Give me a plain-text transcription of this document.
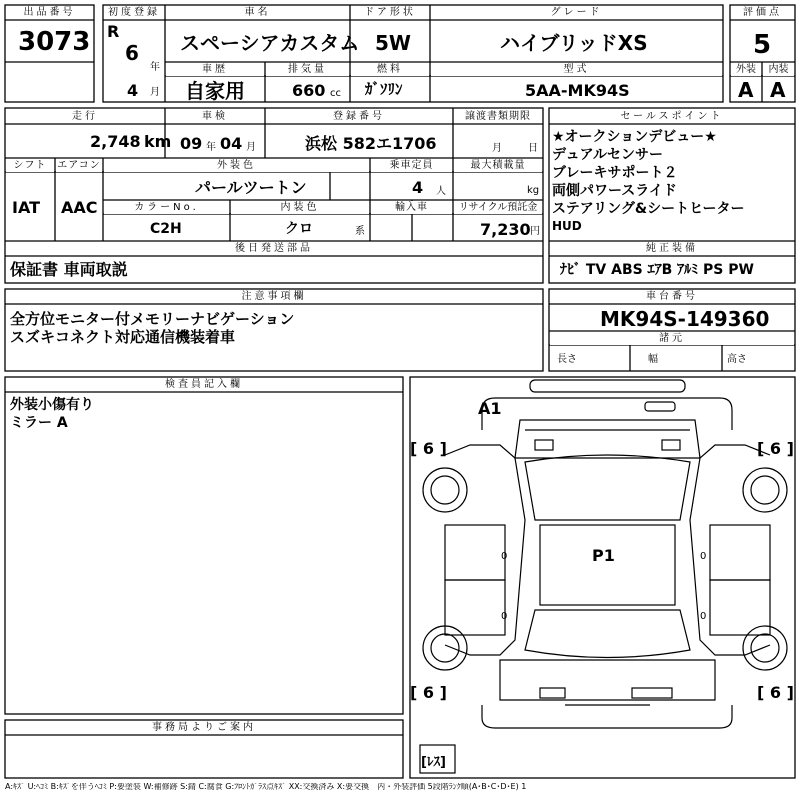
出品番号
3073
初度登録
R
6
年
4 月
車名
スペーシアカスタム
ドア形状
5W
グレード
ハイブリッドXS
評価点
5
車歴
自家用
排気量
660 cc
燃料
ｶﾞｿﾘﾝ
型式
5AA-MK94S
外装	内装
A A
走行
2,748 km
車検
09 年 04 月
登録番号
浜松 582エ1706
譲渡書類期限
月	日
シフト	エアコン
IAT AAC
外装色
パールツートン
乗車定員
4 人
最大積載量
kg
カラーNo.
C2H
内装色
クロ	系
輸入車	リサイクル預託金
7,230 円
後日発送部品
保証書 車両取説
セールスポイント
★オークションデビュー★
デュアルセンサー
ブレーキサポート２
両側パワースライド
ステアリング&シートヒーター
HUD
純正装備
ﾅﾋﾞ TV ABS ｴｱB ｱﾙﾐ PS PW
注意事項欄
全方位モニター付メモリーナビゲーション
スズキコネクト対応通信機装着車
車台番号
MK94S-149360
諸元
長さ	幅	高さ
検査員記入欄
外装小傷有り
ミラー A
事務局よりご案内
[ 6 ]	[ 6 ]
[ 6 ]	[ 6 ]
[ﾚｽ]
A1
P1
0
0
0
0
A:ｷｽﾞ U:ﾍｺﾐ B:ｷｽﾞを伴うﾍｺﾐ P:要塗装 W:補修跡 S:錆 C:腐食 G:ﾌﾛﾝﾄｶﾞﾗｽ点ｷｽﾞ XX:交換済み X:要交換　内・外装評価 5段階ﾗﾝｸ順(A･B･C･D･E) 1
